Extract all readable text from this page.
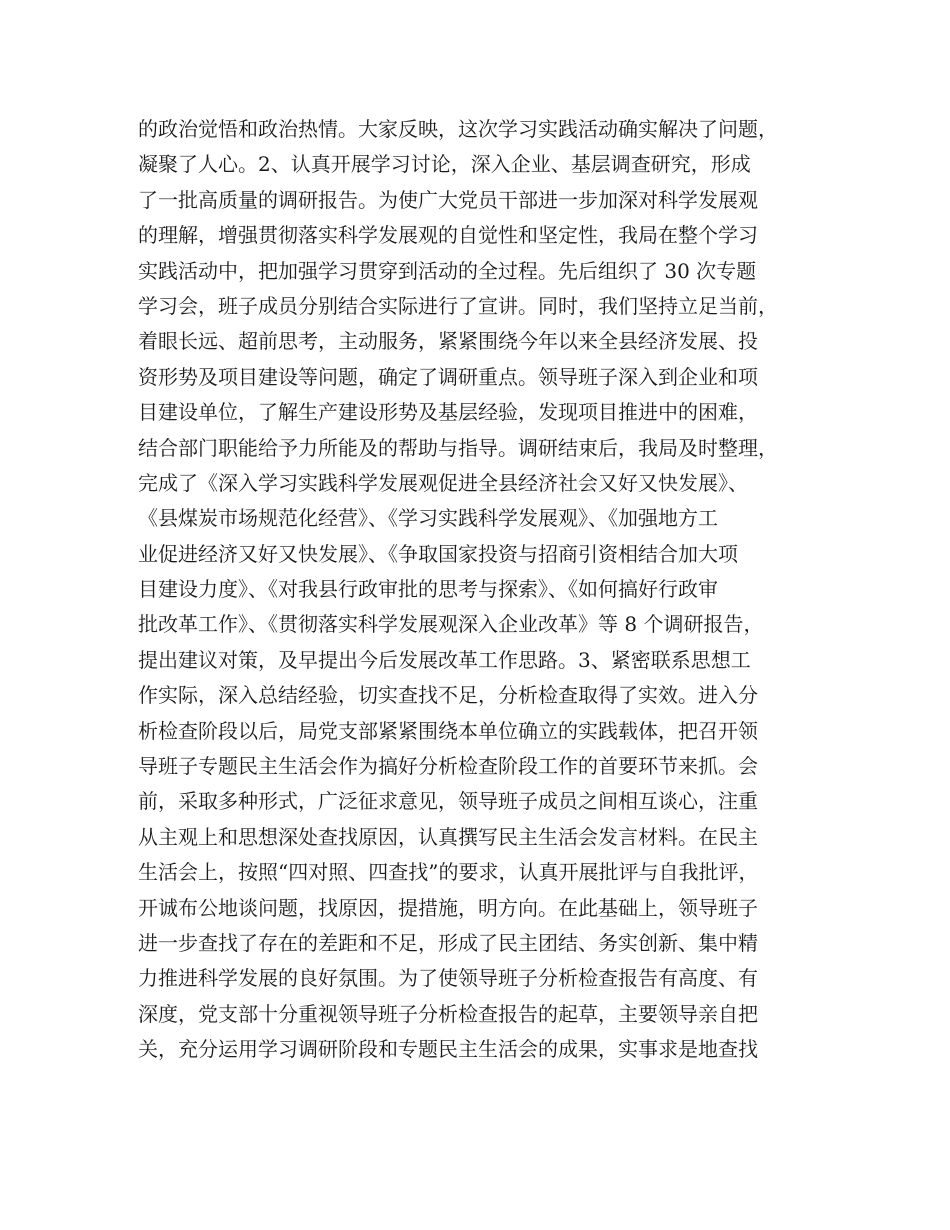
的政治觉悟和政治热情。大家反映，这次学习实践活动确实解决了问题，
凝聚了人心。2、认真开展学习讨论，深入企业、基层调查研究，形成
了一批高质量的调研报告。为使广大党员干部进一步加深对科学发展观
的理解，增强贯彻落实科学发展观的自觉性和坚定性，我局在整个学习
实践活动中，把加强学习贯穿到活动的全过程。先后组织了 30 次专题
学习会，班子成员分别结合实际进行了宣讲。同时，我们坚持立足当前，
着眼长远、超前思考，主动服务，紧紧围绕今年以来全县经济发展、投
资形势及项目建设等问题，确定了调研重点。领导班子深入到企业和项
目建设单位，了解生产建设形势及基层经验，发现项目推进中的困难，
结合部门职能给予力所能及的帮助与指导。调研结束后，我局及时整理，
完成了《深入学习实践科学发展观促进全县经济社会又好又快发展》、
《县煤炭市场规范化经营》、《学习实践科学发展观》、《加强地方工
业促进经济又好又快发展》、《争取国家投资与招商引资相结合加大项
目建设力度》、《对我县行政审批的思考与探索》、《如何搞好行政审
批改革工作》、《贯彻落实科学发展观深入企业改革》等 8 个调研报告，
提出建议对策，及早提出今后发展改革工作思路。3、紧密联系思想工
作实际，深入总结经验，切实查找不足，分析检查取得了实效。进入分
析检查阶段以后，局党支部紧紧围绕本单位确立的实践载体，把召开领
导班子专题民主生活会作为搞好分析检查阶段工作的首要环节来抓。会
前，采取多种形式，广泛征求意见，领导班子成员之间相互谈心，注重
从主观上和思想深处查找原因，认真撰写民主生活会发言材料。在民主
生活会上，按照“四对照、四查找”的要求，认真开展批评与自我批评，
开诚布公地谈问题，找原因，提措施，明方向。在此基础上，领导班子
进一步查找了存在的差距和不足，形成了民主团结、务实创新、集中精
力推进科学发展的良好氛围。为了使领导班子分析检查报告有高度、有
深度，党支部十分重视领导班子分析检查报告的起草，主要领导亲自把
关，充分运用学习调研阶段和专题民主生活会的成果，实事求是地查找
